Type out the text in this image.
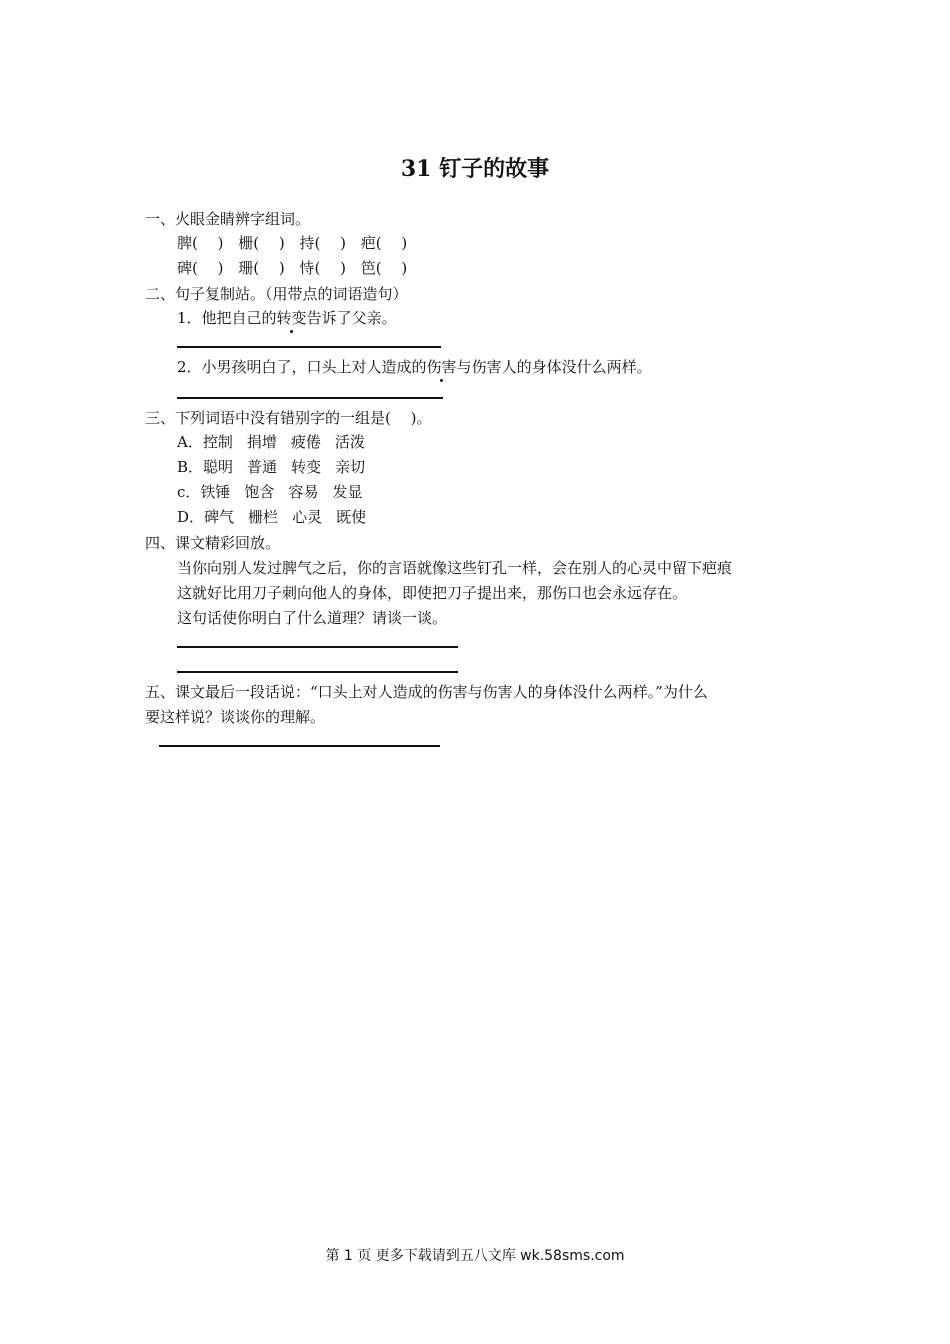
31 钉子的故事
一、火眼金睛辨字组词。
脾(　 ) 栅(　 ) 持(　 ) 疤(　 )
碑(　 ) 珊(　 ) 恃(　 ) 笆(　 )
二、句子复制站。（用带点的词语造句）
1．他把自己的转变告诉了父亲。
2．小男孩明白了，口头上对人造成的伤害与伤害人的身体没什么两样。
三、下列词语中没有错别字的一组是(　 )。
A．控制 捐增 疲倦 活泼
B．聪明 普通 转变 亲切
c．铁锤 饱含 容易 发显
D．碑气 栅栏 心灵 既使
四、课文精彩回放。
当你向别人发过脾气之后，你的言语就像这些钉孔一样，会在别人的心灵中留下疤痕
这就好比用刀子刺向他人的身体，即使把刀子提出来，那伤口也会永远存在。
这句话使你明白了什么道理？请谈一谈。
五、课文最后一段话说：“口头上对人造成的伤害与伤害人的身体没什么两样。”为什么
要这样说？谈谈你的理解。
第 1 页 更多下载请到五八文库 wk.58sms.com
